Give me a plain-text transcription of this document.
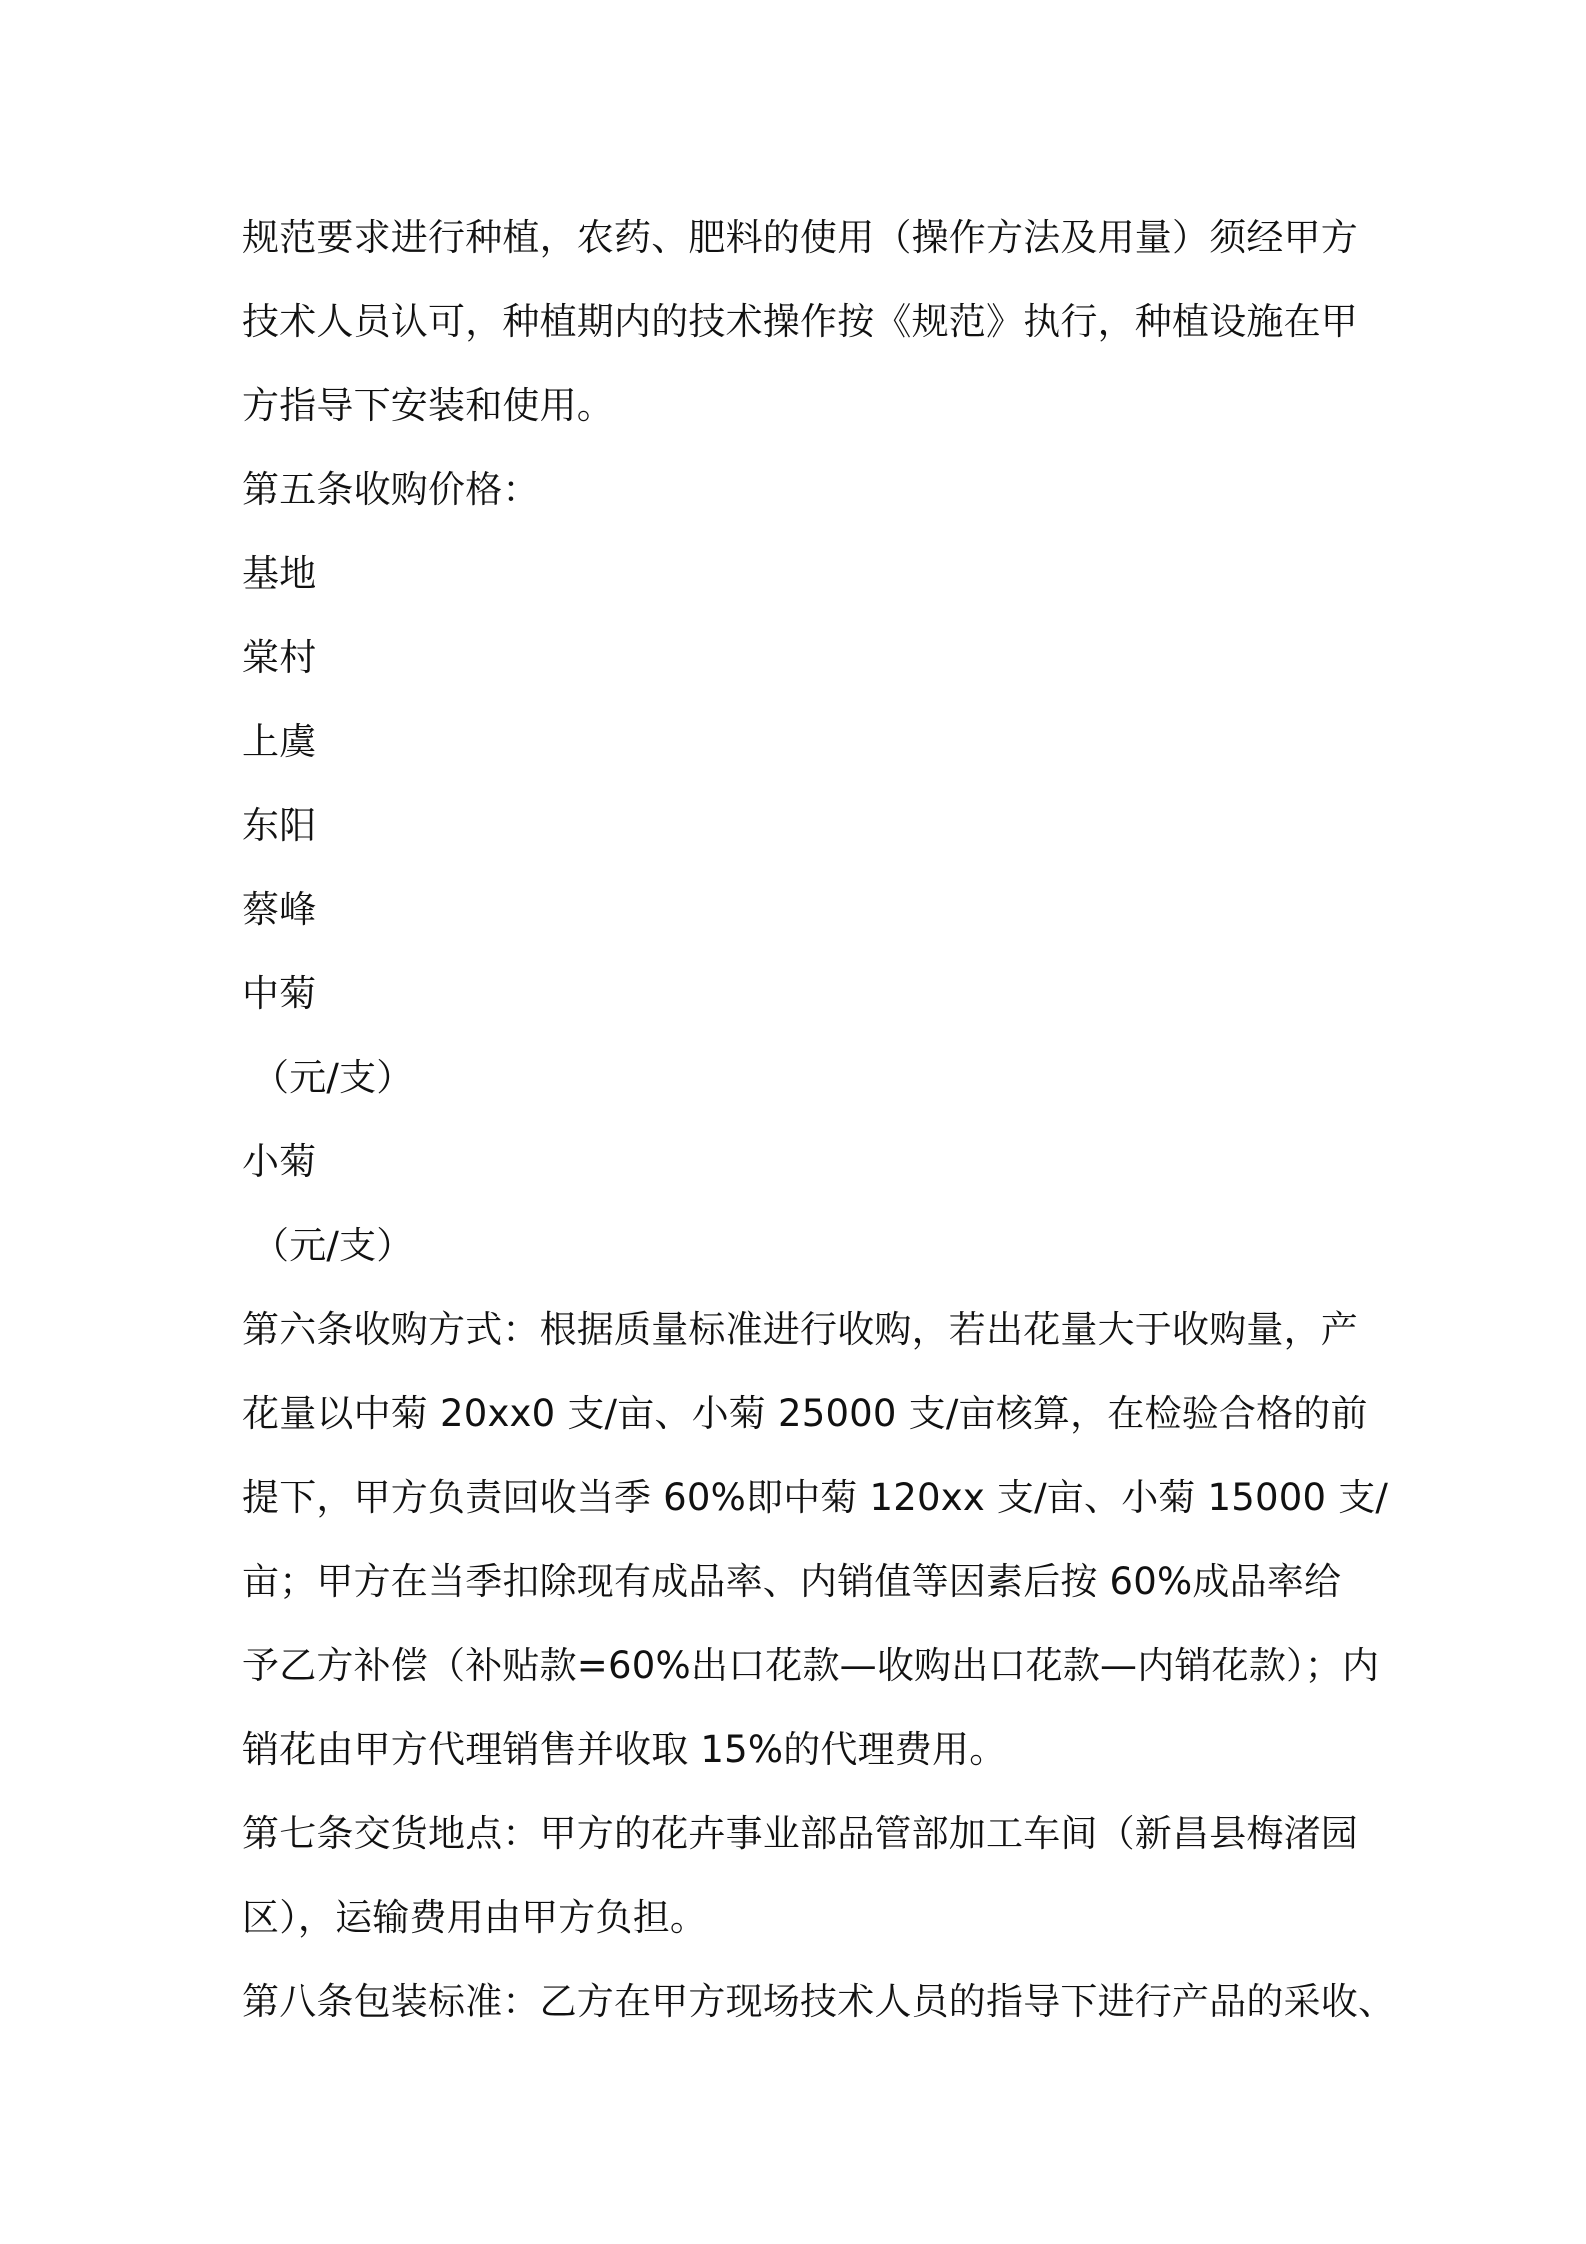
规范要求进行种植，农药、肥料的使用（操作方法及用量）须经甲方
技术人员认可，种植期内的技术操作按《规范》执行，种植设施在甲
方指导下安装和使用。
第五条收购价格：
基地
棠村
上虞
东阳
蔡峰
中菊
（元/支）
小菊
（元/支）
第六条收购方式：根据质量标准进行收购，若出花量大于收购量，产
花量以中菊 20xx0 支/亩、小菊 25000 支/亩核算，在检验合格的前
提下，甲方负责回收当季 60%即中菊 120xx 支/亩、小菊 15000 支/
亩；甲方在当季扣除现有成品率、内销值等因素后按 60%成品率给
予乙方补偿（补贴款=60%出口花款—收购出口花款—内销花款）；内
销花由甲方代理销售并收取 15%的代理费用。
第七条交货地点：甲方的花卉事业部品管部加工车间（新昌县梅渚园
区），运输费用由甲方负担。
第八条包装标准：乙方在甲方现场技术人员的指导下进行产品的采收、
